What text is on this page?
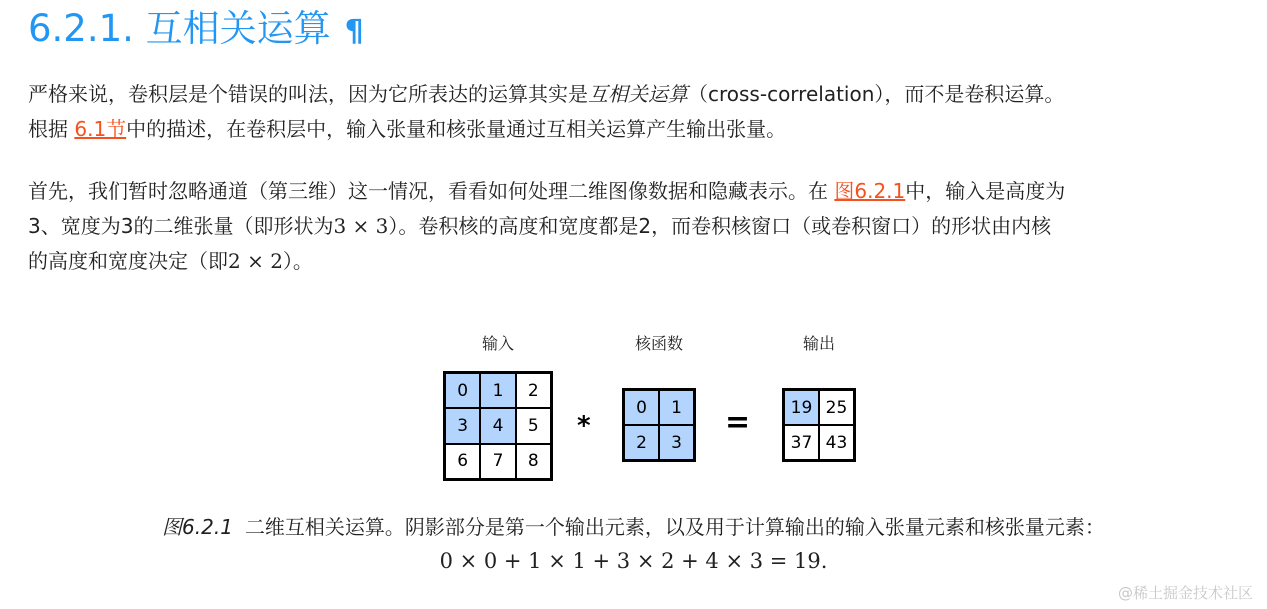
6.2.1. 互相关运算 ¶

严格来说，卷积层是个错误的叫法，因为它所表达的运算其实是互相关运算（cross-correlation），而不是卷积运算。
根据 6.1节中的描述，在卷积层中，输入张量和核张量通过互相关运算产生输出张量。

首先，我们暂时忽略通道（第三维）这一情况，看看如何处理二维图像数据和隐藏表示。在 图6.2.1中，输入是高度为
3、宽度为3的二维张量（即形状为3 × 3）。卷积核的高度和宽度都是2，而卷积核窗口（或卷积窗口）的形状由内核
的高度和宽度决定（即2 × 2）。

输入	核函数	输出
0	1	2
3	4	5
6	7	8
*
0	1
2	3
=	19 25
37 43
图6.2.1 二维互相关运算。阴影部分是第一个输出元素，以及用于计算输出的输入张量元素和核张量元素：
0 × 0 + 1 × 1 + 3 × 2 + 4 × 3 = 19.
@稀土掘金技术社区
